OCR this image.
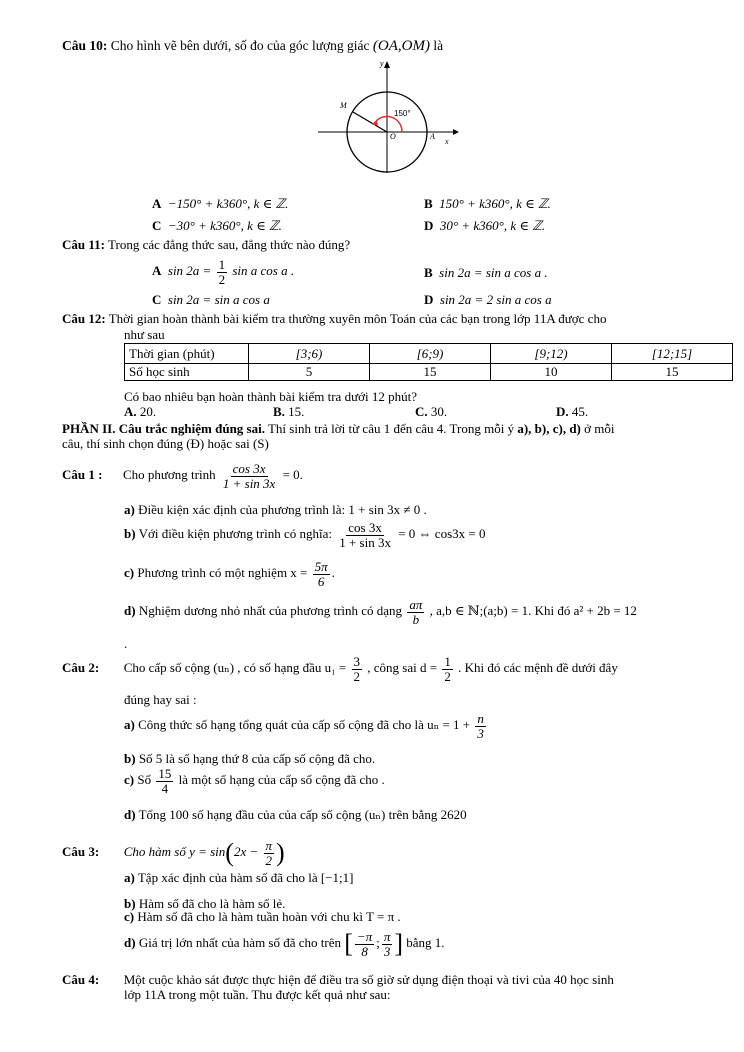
Câu 10: Cho hình vẽ bên dưới, số đo của góc lượng giác (OA,OM) là
y
x
M
O	A
150°
A −150° + k360°, k ∈ ℤ.	B 150° + k360°, k ∈ ℤ.
C −30° + k360°, k ∈ ℤ.	D 30° + k360°, k ∈ ℤ.
Câu 11: Trong các đẳng thức sau, đẳng thức nào đúng?
A $\sin 2a = \frac{1}{2}$ sin a cos a .	B sin 2a = sin a cos a .
C sin 2a = sin a cos a	D sin 2a = 2 sin a cos a
Câu 12: Thời gian hoàn thành bài kiểm tra thường xuyên môn Toán của các bạn trong lớp 11A được cho
như sau
Thời gian (phút)	[3;6)	[6;9)	[9;12)	[12;15]
Số học sinh	5	15	10	15
Có bao nhiêu bạn hoàn thành bài kiểm tra dưới 12 phút?
A. 20.	B. 15.	C. 30.	D. 45.
PHẦN II. Câu trắc nghiệm đúng sai. Thí sinh trả lời từ câu 1 đến câu 4. Trong mỗi ý a), b), c), d) ở mỗi
câu, thí sinh chọn đúng (Đ) hoặc sai (S)
Câu 1 : Cho phương trình $\frac{\cos 3x}{1 + \sin 3x} = 0$.
a) Điều kiện xác định của phương trình là: 1 + sin 3x ≠ 0 .
b) Với điều kiện phương trình có nghĩa: $\frac{\cos 3x}{1 + \sin 3x} = 0$ ⇔ cos3x = 0
c) Phương trình có một nghiệm $x = \frac{5\pi}{6}$ .
d) Nghiệm dương nhỏ nhất của phương trình có dạng $\frac{a\pi}{b}$ , a,b ∈ ℕ;(a;b) = 1. Khi đó a² + 2b = 12
.
Câu 2: Cho cấp số cộng (uₙ) , có số hạng đầu $u_1 = \frac{3}{2}$ , công sai $d = \frac{1}{2}$ . Khi đó các mệnh đề dưới đây
đúng hay sai :
a) Công thức số hạng tổng quát của cấp số cộng đã cho là $u_n = 1 + \frac{n}{3}$
b) Số 5 là số hạng thứ 8 của cấp số cộng đã cho.
c) Số $\frac{15}{4}$ là một số hạng của cấp số cộng đã cho .
d) Tổng 100 số hạng đầu của của cấp số cộng (uₙ) trên bằng 2620
Câu 3: Cho hàm số $y = \sin(2x - \frac{\pi}{2}$ )
a) Tập xác định của hàm số đã cho là [−1;1]
b) Hàm số đã cho là hàm số lẻ.
c) Hàm số đã cho là hàm tuần hoàn với chu kì T = π .
d) Giá trị lớn nhất của hàm số đã cho trên [ $\frac{-\pi}{8}$ ; $\frac{\pi}{3}$ ] bằng 1.
Câu 4: Một cuộc khảo sát được thực hiện để điều tra số giờ sử dụng điện thoại và tivi của 40 học sinh
lớp 11A trong một tuần. Thu được kết quả như sau:
